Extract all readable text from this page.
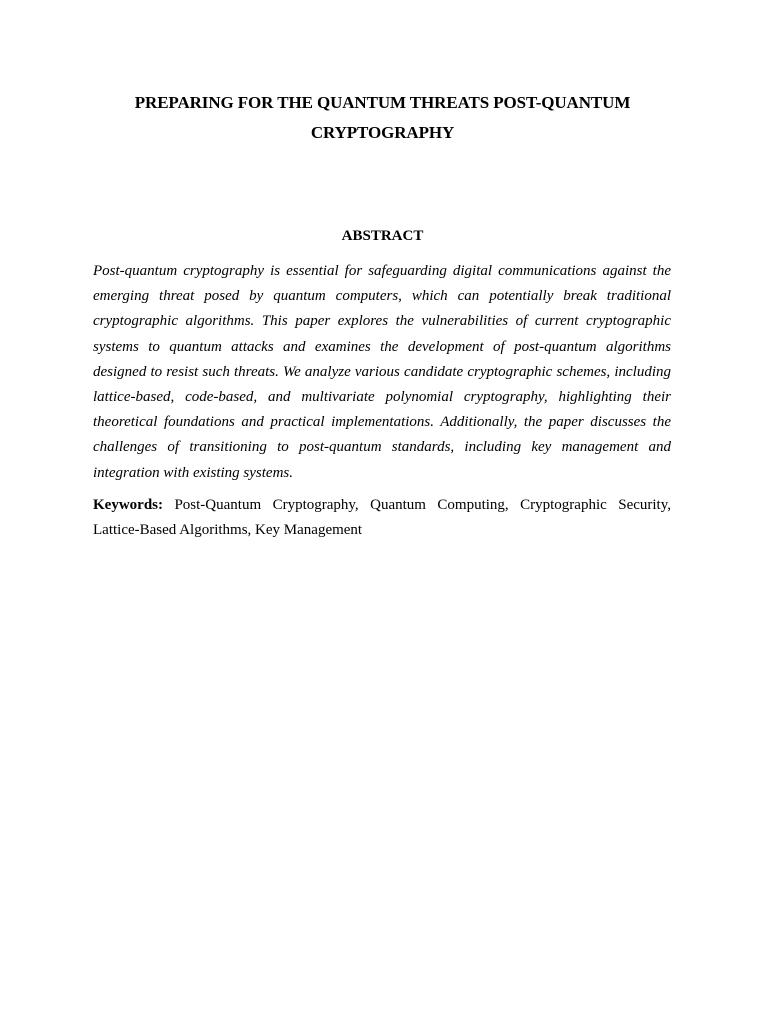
PREPARING FOR THE QUANTUM THREATS POST-QUANTUM CRYPTOGRAPHY
ABSTRACT

Post-quantum cryptography is essential for safeguarding digital communications against the emerging threat posed by quantum computers, which can potentially break traditional cryptographic algorithms. This paper explores the vulnerabilities of current cryptographic systems to quantum attacks and examines the development of post-quantum algorithms designed to resist such threats. We analyze various candidate cryptographic schemes, including lattice-based, code-based, and multivariate polynomial cryptography, highlighting their theoretical foundations and practical implementations. Additionally, the paper discusses the challenges of transitioning to post-quantum standards, including key management and integration with existing systems.

Keywords: Post-Quantum Cryptography, Quantum Computing, Cryptographic Security, Lattice-Based Algorithms, Key Management
